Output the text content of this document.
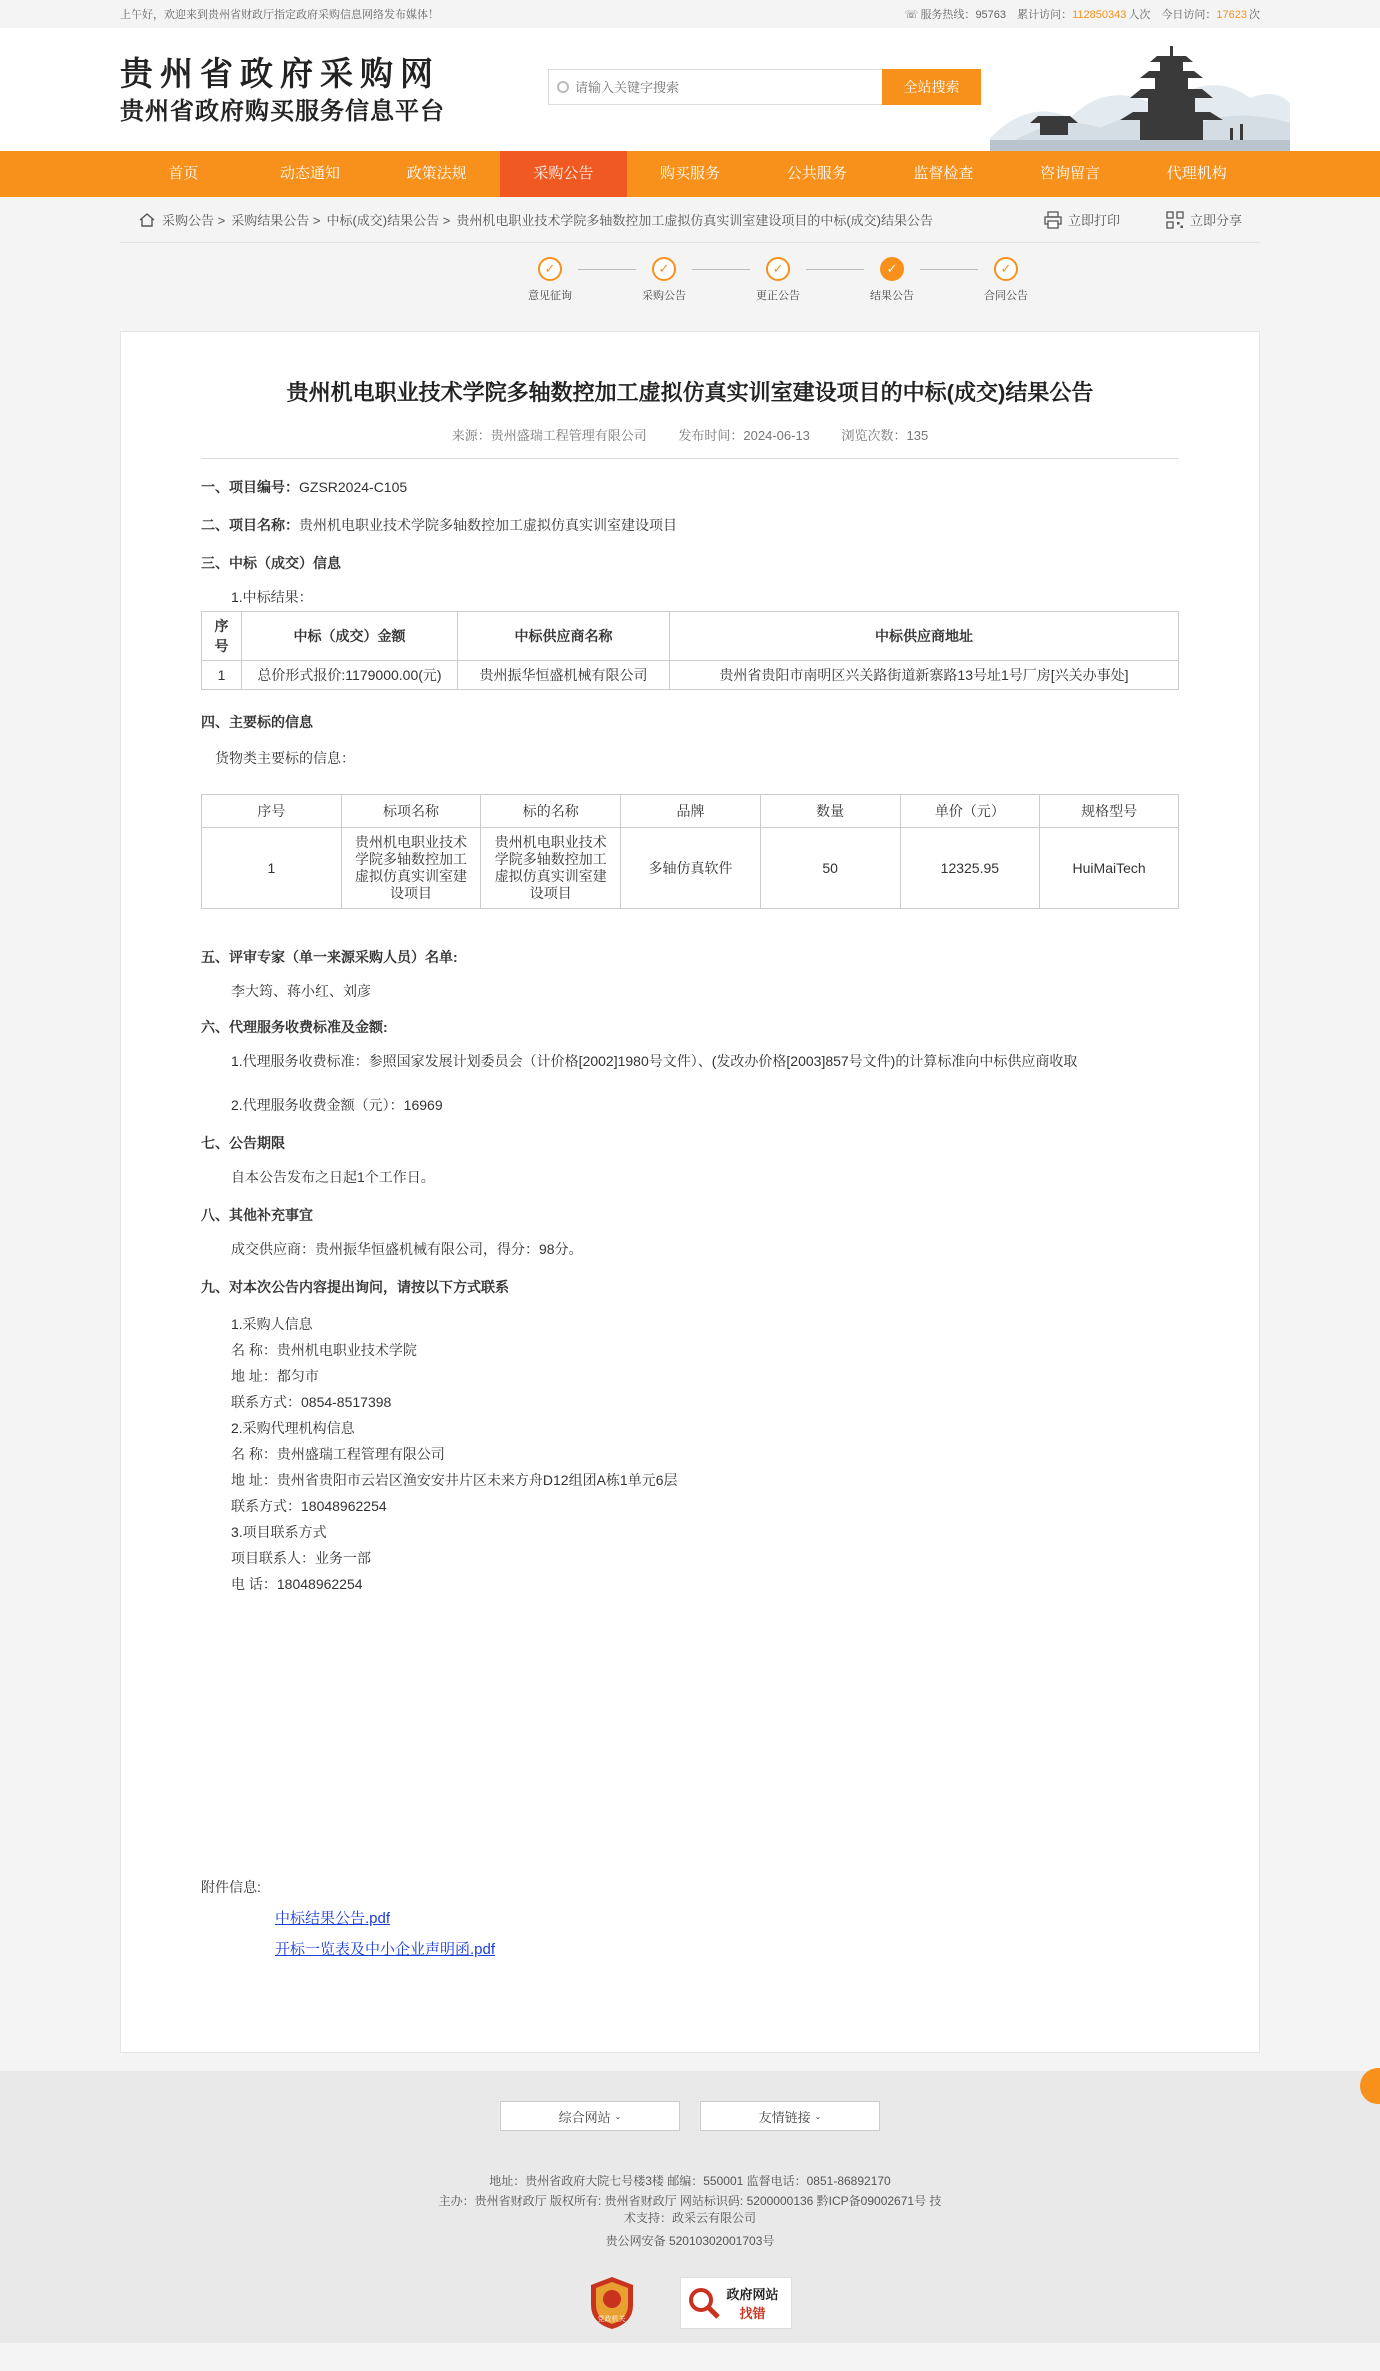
上午好，欢迎来到贵州省财政厅指定政府采购信息网络发布媒体！	☏ 服务热线：95763 累计访问：112850343 人次 今日访问：17623 次
贵州省政府采购网
贵州省政府购买服务信息平台
请输入关键字搜索
全站搜索
首页	动态通知	政策法规	采购公告	购买服务	公共服务	监督检查	咨询留言	代理机构
采购公告 > 采购结果公告 > 中标(成交)结果公告 > 贵州机电职业技术学院多轴数控加工虚拟仿真实训室建设项目的中标(成交)结果公告	立即打印	立即分享
✓
意见征询
✓
采购公告
✓
更正公告
✓
结果公告
✓
合同公告
贵州机电职业技术学院多轴数控加工虚拟仿真实训室建设项目的中标(成交)结果公告
来源：贵州盛瑞工程管理有限公司 发布时间：2024-06-13 浏览次数：135
一、项目编号：GZSR2024-C105
二、项目名称：贵州机电职业技术学院多轴数控加工虚拟仿真实训室建设项目
三、中标（成交）信息
1.中标结果：
序号	中标（成交）金额	中标供应商名称	中标供应商地址
1	总价形式报价:1179000.00(元)	贵州振华恒盛机械有限公司	贵州省贵阳市南明区兴关路街道新寨路13号址1号厂房[兴关办事处]
四、主要标的信息
货物类主要标的信息：
序号	标项名称	标的名称	品牌	数量	单价（元）	规格型号
1	贵州机电职业技术学院多轴数控加工虚拟仿真实训室建设项目	贵州机电职业技术学院多轴数控加工虚拟仿真实训室建设项目	多轴仿真软件	50	12325.95	HuiMaiTech
五、评审专家（单一来源采购人员）名单:
李大筠、蒋小红、刘彦
六、代理服务收费标准及金额:
1.代理服务收费标准：参照国家发展计划委员会（计价格[2002]1980号文件）、(发改办价格[2003]857号文件)的计算标准向中标供应商收取
2.代理服务收费金额（元）：16969
七、公告期限
自本公告发布之日起1个工作日。
八、其他补充事宜
成交供应商：贵州振华恒盛机械有限公司，得分：98分。
九、对本次公告内容提出询问，请按以下方式联系
1.采购人信息
名 称：贵州机电职业技术学院
地 址：都匀市
联系方式：0854-8517398
2.采购代理机构信息
名 称：贵州盛瑞工程管理有限公司
地 址：贵州省贵阳市云岩区渔安安井片区未来方舟D12组团A栋1单元6层
联系方式：18048962254
3.项目联系方式
项目联系人：业务一部
电 话：18048962254
附件信息:
中标结果公告.pdf
开标一览表及中小企业声明函.pdf
综合网站 ⌄	友情链接 ⌄

地址：贵州省政府大院七号楼3楼 邮编：550001 监督电话：0851-86892170

主办：贵州省财政厅 版权所有: 贵州省财政厅 网站标识码: 5200000136 黔ICP备09002671号 技

术支持：政采云有限公司

贵公网安备 52010302001703号

党政机关
政府网站
找错
